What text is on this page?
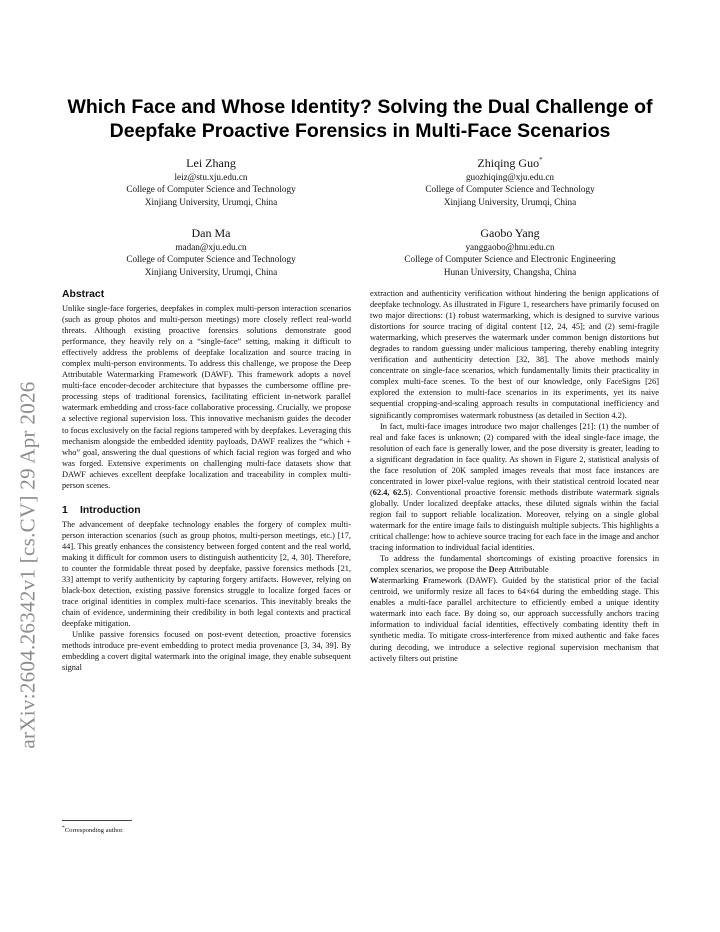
arXiv:2604.26342v1 [cs.CV] 29 Apr 2026
Which Face and Whose Identity? Solving the Dual Challenge of
Deepfake Proactive Forensics in Multi-Face Scenarios
Lei Zhang
leiz@stu.xju.edu.cn
College of Computer Science and Technology
Xinjiang University, Urumqi, China
Zhiqing Guo*
guozhiqing@xju.edu.cn
College of Computer Science and Technology
Xinjiang University, Urumqi, China
Dan Ma
madan@xju.edu.cn
College of Computer Science and Technology
Xinjiang University, Urumqi, China
Gaobo Yang
yanggaobo@hnu.edu.cn
College of Computer Science and Electronic Engineering
Hunan University, Changsha, China
Abstract

Unlike single-face forgeries, deepfakes in complex multi-person interaction scenarios (such as group photos and multi-person meetings) more closely reflect real-world threats. Although existing proactive forensics solutions demonstrate good performance, they heavily rely on a “single-face” setting, making it difficult to effectively address the problems of deepfake localization and source tracing in complex multi-person environments. To address this challenge, we propose the Deep Attributable Watermarking Framework (DAWF). This framework adopts a novel multi-face encoder-decoder architecture that bypasses the cumbersome offline pre-processing steps of traditional forensics, facilitating efficient in-network parallel watermark embedding and cross-face collaborative processing. Crucially, we propose a selective regional supervision loss. This innovative mechanism guides the decoder to focus exclusively on the facial regions tampered with by deepfakes. Leveraging this mechanism alongside the embedded identity payloads, DAWF realizes the “which + who” goal, answering the dual questions of which facial region was forged and who was forged. Extensive experiments on challenging multi-face datasets show that DAWF achieves excellent deepfake localization and traceability in complex multi-person scenes.

1 Introduction

The advancement of deepfake technology enables the forgery of complex multi-person interaction scenarios (such as group photos, multi-person meetings, etc.) [17, 44]. This greatly enhances the consistency between forged content and the real world, making it difficult for common users to distinguish authenticity [2, 4, 30]. Therefore, to counter the formidable threat posed by deepfake, passive forensics methods [21, 33] attempt to verify authenticity by capturing forgery artifacts. However, relying on black-box detection, existing passive forensics struggle to localize forged faces or trace original identities in complex multi-face scenarios. This inevitably breaks the chain of evidence, undermining their credibility in both legal contexts and practical deepfake mitigation.

Unlike passive forensics focused on post-event detection, proactive forensics methods introduce pre-event embedding to protect media provenance [3, 34, 39]. By embedding a covert digital watermark into the original image, they enable subsequent signal

extraction and authenticity verification without hindering the benign applications of deepfake technology. As illustrated in Figure 1, researchers have primarily focused on two major directions: (1) robust watermarking, which is designed to survive various distortions for source tracing of digital content [12, 24, 45]; and (2) semi-fragile watermarking, which preserves the watermark under common benign distortions but degrades to random guessing under malicious tampering, thereby enabling integrity verification and authenticity detection [32, 38]. The above methods mainly concentrate on single-face scenarios, which fundamentally limits their practicality in complex multi-face scenes. To the best of our knowledge, only FaceSigns [26] explored the extension to multi-face scenarios in its experiments, yet its naive sequential cropping-and-scaling approach results in computational inefficiency and significantly compromises watermark robustness (as detailed in Section 4.2).

In fact, multi-face images introduce two major challenges [21]: (1) the number of real and fake faces is unknown; (2) compared with the ideal single-face image, the resolution of each face is generally lower, and the pose diversity is greater, leading to a significant degradation in face quality. As shown in Figure 2, statistical analysis of the face resolution of 20K sampled images reveals that most face instances are concentrated in lower pixel-value regions, with their statistical centroid located near (62.4, 62.5). Conventional proactive forensic methods distribute watermark signals globally. Under localized deepfake attacks, these diluted signals within the facial region fail to support reliable localization. Moreover, relying on a single global watermark for the entire image fails to distinguish multiple subjects. This highlights a critical challenge: how to achieve source tracing for each face in the image and anchor tracing information to individual facial identities.

To address the fundamental shortcomings of existing proactive forensics in complex scenarios, we propose the Deep Attributable
Watermarking Framework (DAWF). Guided by the statistical prior of the facial centroid, we uniformly resize all faces to 64×64 during the embedding stage. This enables a multi-face parallel architecture to efficiently embed a unique identity watermark into each face. By doing so, our approach successfully anchors tracing information to individual facial identities, effectively combating identity theft in synthetic media. To mitigate cross-interference from mixed authentic and fake faces during decoding, we introduce a selective regional supervision mechanism that actively filters out pristine

*Corresponding author.
